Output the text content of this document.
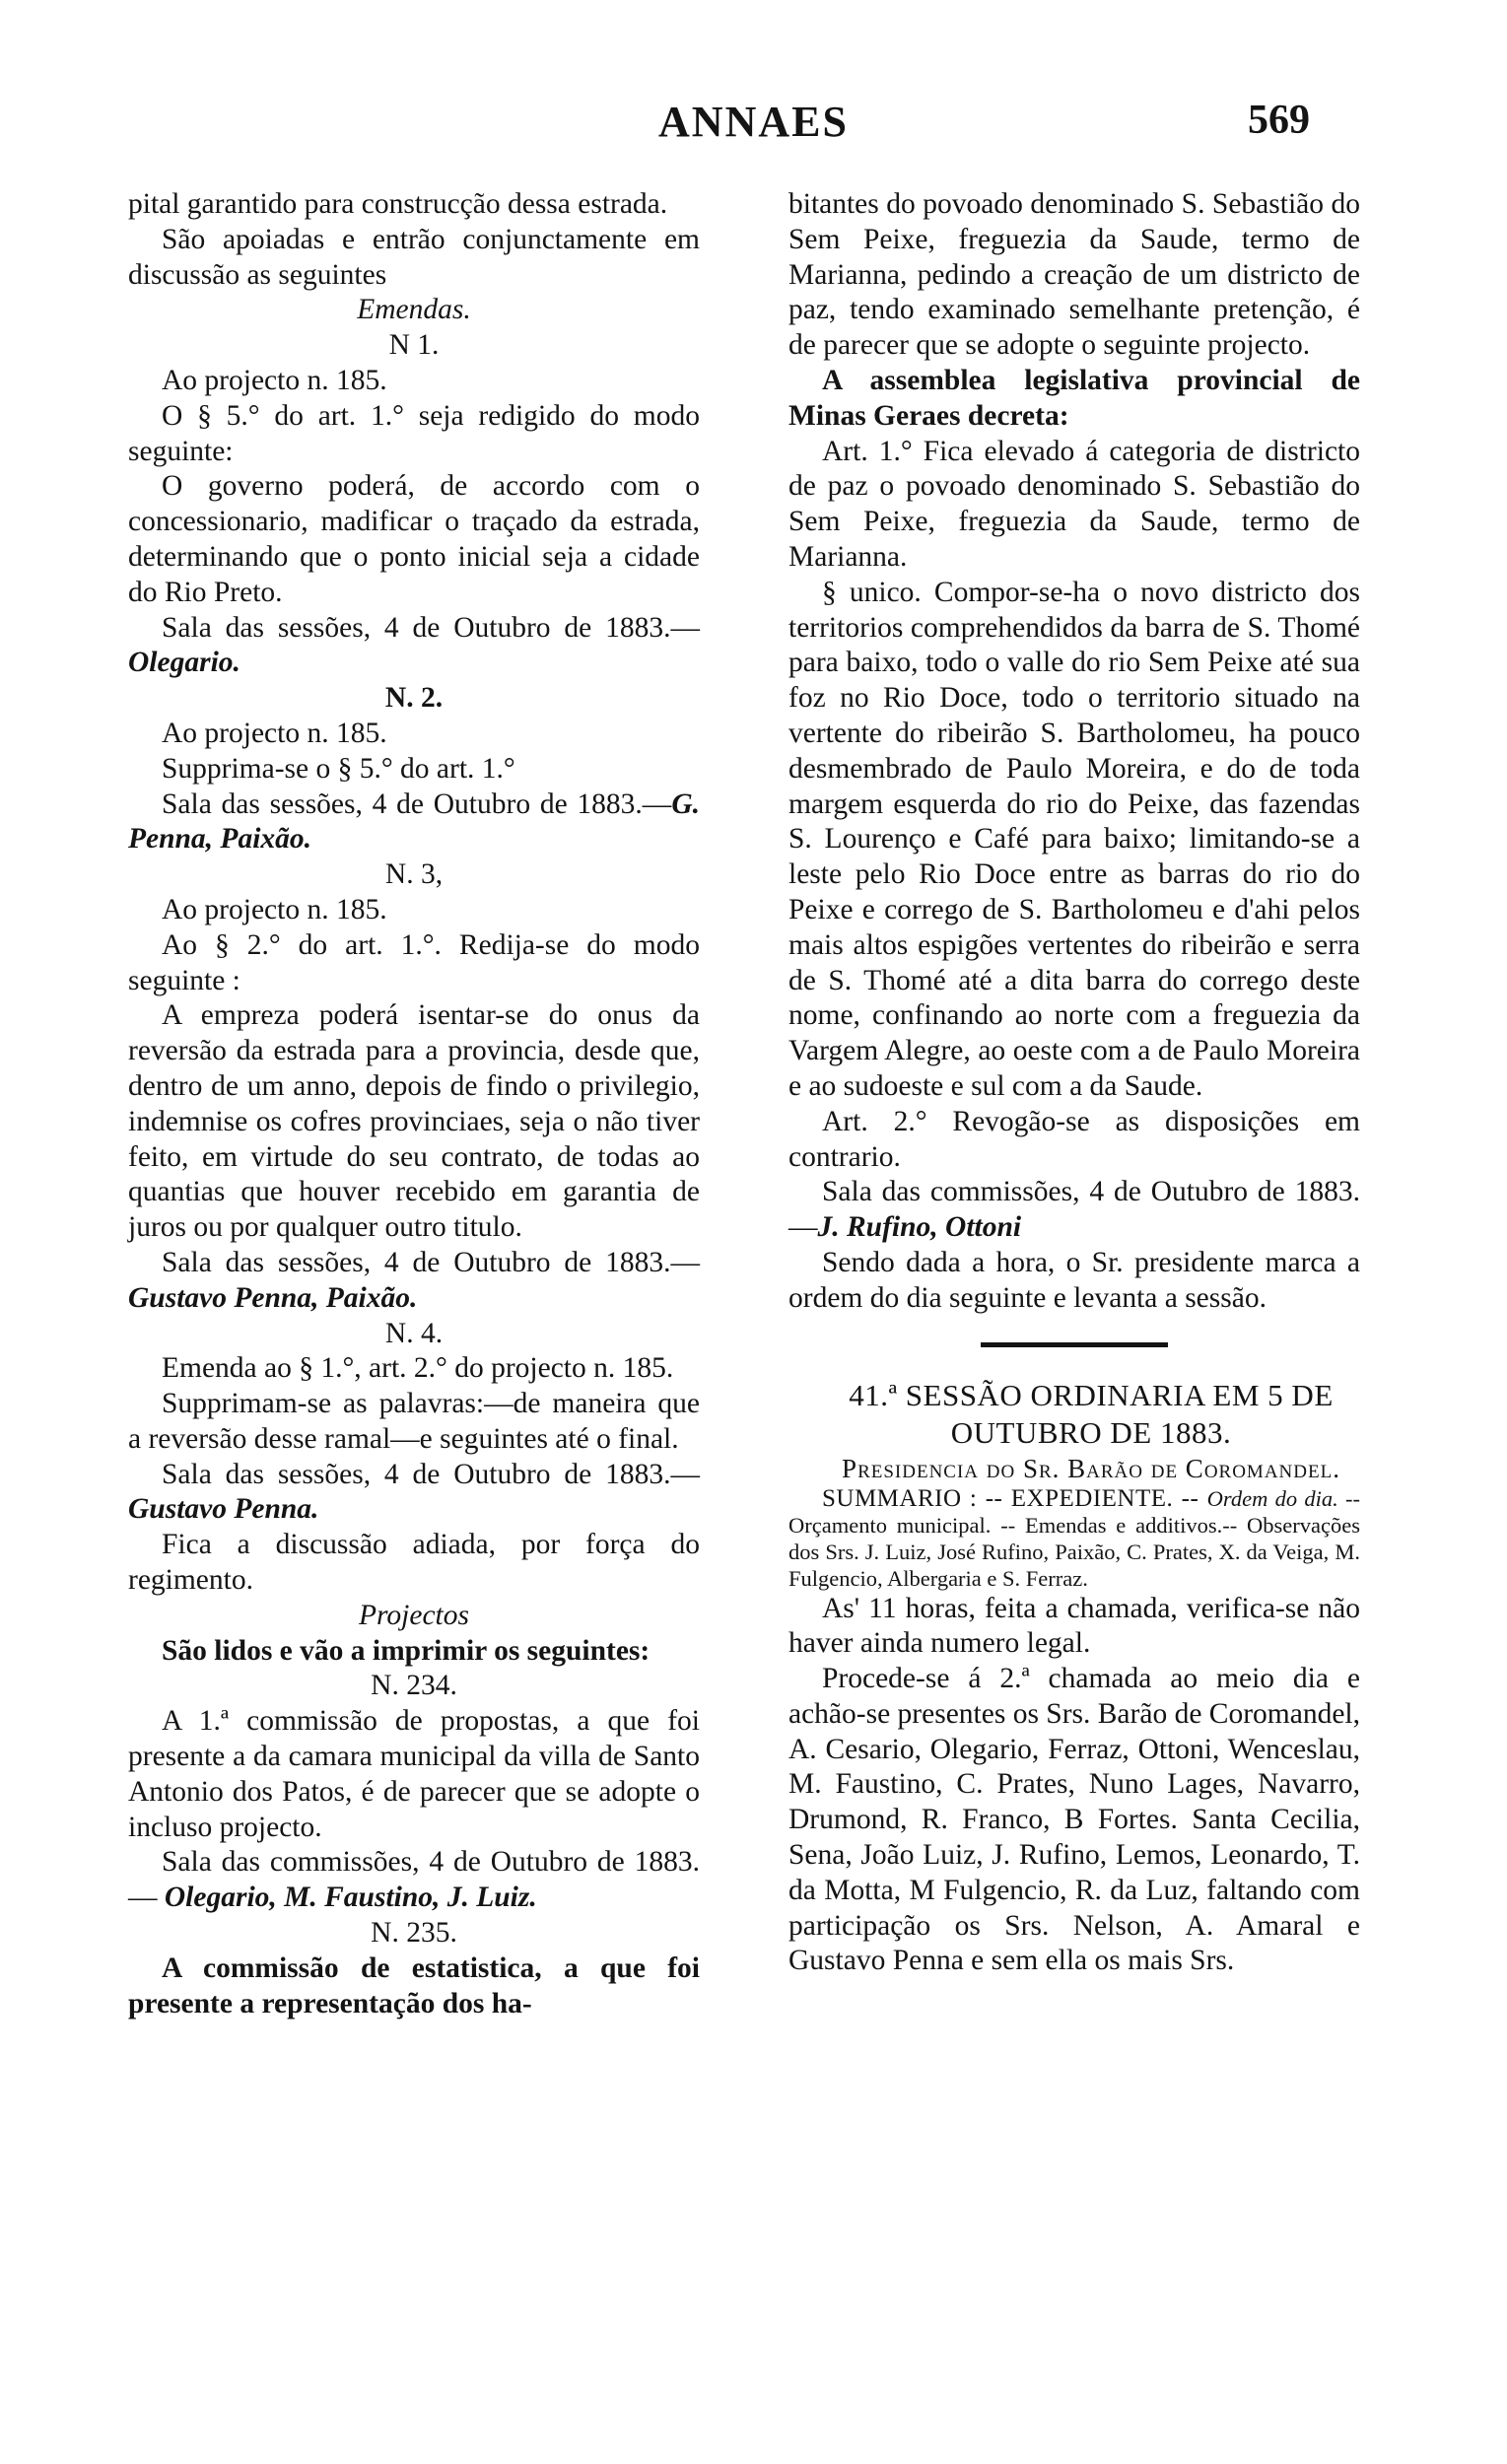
ANNAES	569

pital garantido para construcção dessa estrada.

São apoiadas e entrão conjunctamente em discussão as seguintes

Emendas.

N 1.

Ao projecto n. 185.

O § 5.° do art. 1.° seja redigido do modo seguinte:

O governo poderá, de accordo com o concessionario, madificar o traçado da estrada, determinando que o ponto inicial seja a cidade do Rio Preto.

Sala das sessões, 4 de Outubro de 1883.—Olegario.

N. 2.

Ao projecto n. 185.

Supprima-se o § 5.° do art. 1.°

Sala das sessões, 4 de Outubro de 1883.—G. Penna, Paixão.

N. 3,

Ao projecto n. 185.

Ao § 2.° do art. 1.°. Redija-se do modo seguinte :

A empreza poderá isentar-se do onus da reversão da estrada para a provincia, desde que, dentro de um anno, depois de findo o privilegio, indemnise os cofres provinciaes, seja o não tiver feito, em virtude do seu contrato, de todas ao quantias que houver recebido em garantia de juros ou por qualquer outro titulo.

Sala das sessões, 4 de Outubro de 1883.—Gustavo Penna, Paixão.

N. 4.

Emenda ao § 1.°, art. 2.° do projecto n. 185.

Supprimam-se as palavras:—de maneira que a reversão desse ramal—e seguintes até o final.

Sala das sessões, 4 de Outubro de 1883.—Gustavo Penna.

Fica a discussão adiada, por força do regimento.

Projectos

São lidos e vão a imprimir os seguintes:

N. 234.

A 1.ª commissão de propostas, a que foi presente a da camara municipal da villa de Santo Antonio dos Patos, é de parecer que se adopte o incluso projecto.

Sala das commissões, 4 de Outubro de 1883. — Olegario, M. Faustino, J. Luiz.

N. 235.

A commissão de estatistica, a que foi presente a representação dos ha-

bitantes do povoado denominado S. Sebastião do Sem Peixe, freguezia da Saude, termo de Marianna, pedindo a creação de um districto de paz, tendo examinado semelhante pretenção, é de parecer que se adopte o seguinte projecto.

A assemblea legislativa provincial de Minas Geraes decreta:

Art. 1.° Fica elevado á categoria de districto de paz o povoado denominado S. Sebastião do Sem Peixe, freguezia da Saude, termo de Marianna.

§ unico. Compor-se-ha o novo districto dos territorios comprehendidos da barra de S. Thomé para baixo, todo o valle do rio Sem Peixe até sua foz no Rio Doce, todo o territorio situado na vertente do ribeirão S. Bartholomeu, ha pouco desmembrado de Paulo Moreira, e do de toda margem esquerda do rio do Peixe, das fazendas S. Lourenço e Café para baixo; limitando-se a leste pelo Rio Doce entre as barras do rio do Peixe e corrego de S. Bartholomeu e d'ahi pelos mais altos espigões vertentes do ribeirão e serra de S. Thomé até a dita barra do corrego deste nome, confinando ao norte com a freguezia da Vargem Alegre, ao oeste com a de Paulo Moreira e ao sudoeste e sul com a da Saude.

Art. 2.° Revogão-se as disposições em contrario.

Sala das commissões, 4 de Outubro de 1883.—J. Rufino, Ottoni

Sendo dada a hora, o Sr. presidente marca a ordem do dia seguinte e levanta a sessão.

41.ª SESSÃO ORDINARIA EM 5 DE

OUTUBRO DE 1883.

Presidencia do Sr. Barão de Coromandel.

SUMMARIO : -- EXPEDIENTE. -- Ordem do dia. --Orçamento municipal. -- Emendas e additivos.-- Observações dos Srs. J. Luiz, José Rufino, Paixão, C. Prates, X. da Veiga, M. Fulgencio, Albergaria e S. Ferraz.

As' 11 horas, feita a chamada, verifica-se não haver ainda numero legal.

Procede-se á 2.ª chamada ao meio dia e achão-se presentes os Srs. Barão de Coromandel, A. Cesario, Olegario, Ferraz, Ottoni, Wenceslau, M. Faustino, C. Prates, Nuno Lages, Navarro, Drumond, R. Franco, B Fortes. Santa Cecilia, Sena, João Luiz, J. Rufino, Lemos, Leonardo, T. da Motta, M Fulgencio, R. da Luz, faltando com participação os Srs. Nelson, A. Amaral e Gustavo Penna e sem ella os mais Srs.
